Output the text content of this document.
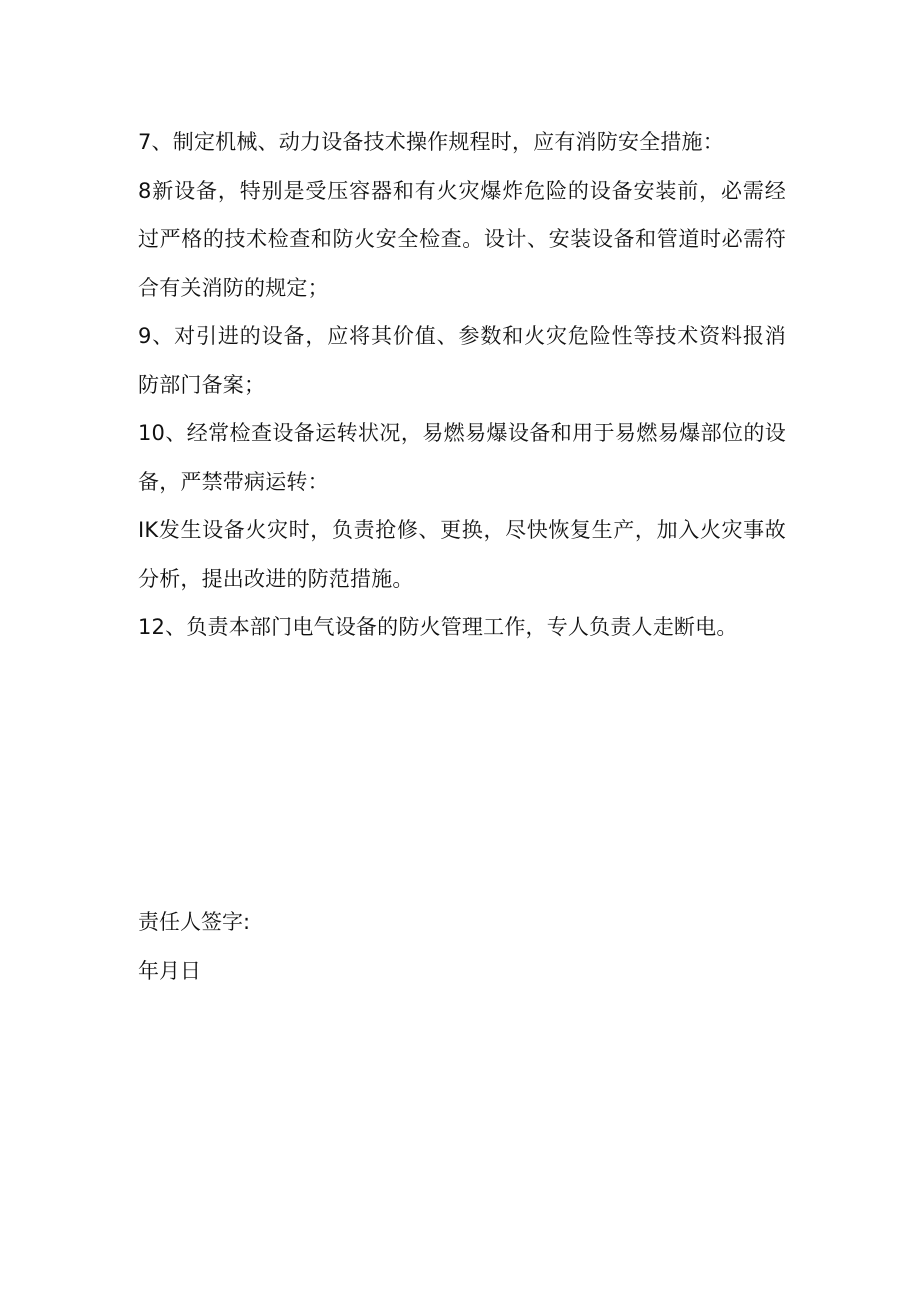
7、制定机械、动力设备技术操作规程时，应有消防安全措施：

8新设备，特别是受压容器和有火灾爆炸危险的设备安装前，必需经过严格的技术检查和防火安全检查。设计、安装设备和管道时必需符合有关消防的规定；

9、对引进的设备，应将其价值、参数和火灾危险性等技术资料报消防部门备案；

10、经常检查设备运转状况，易燃易爆设备和用于易燃易爆部位的设备，严禁带病运转：

IK发生设备火灾时，负责抢修、更换，尽快恢复生产，加入火灾事故分析，提出改进的防范措施。

12、负责本部门电气设备的防火管理工作，专人负责人走断电。

责任人签字:

年月日
